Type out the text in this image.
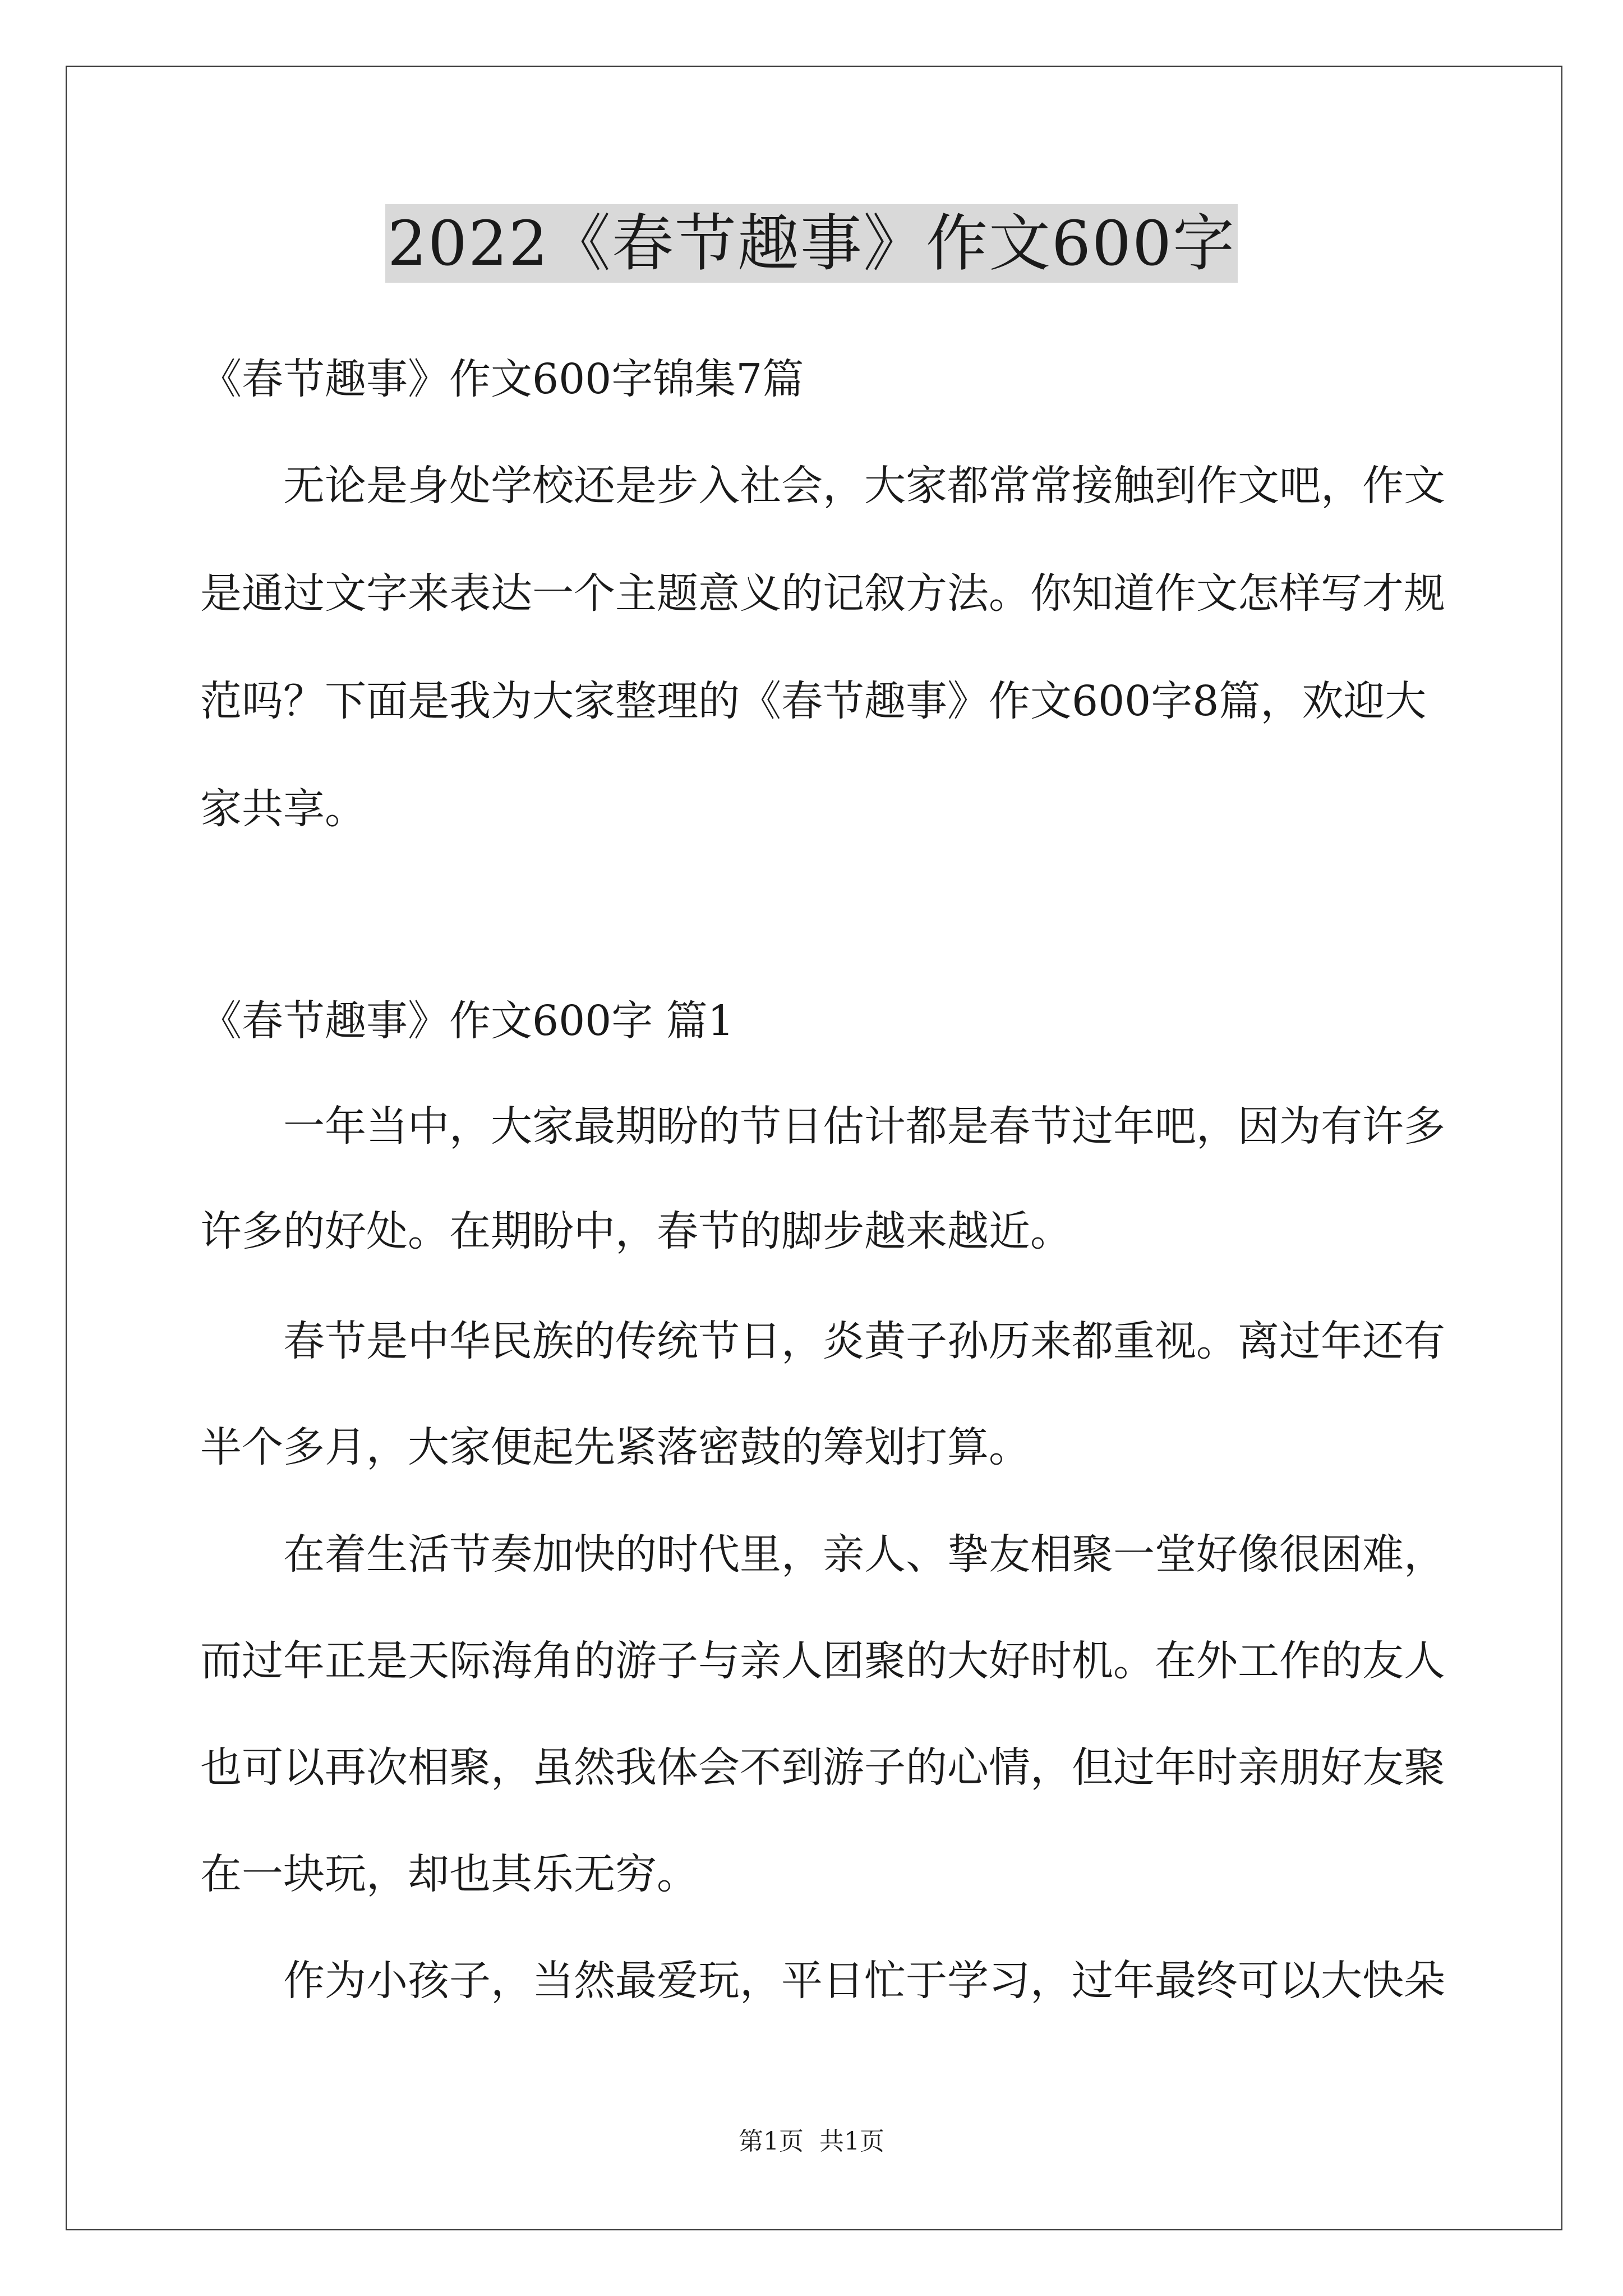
2022《春节趣事》作文600字
《春节趣事》作文600字锦集7篇
无论是身处学校还是步入社会，大家都常常接触到作文吧，作文
是通过文字来表达一个主题意义的记叙方法。你知道作文怎样写才规
范吗？下面是我为大家整理的《春节趣事》作文600字8篇，欢迎大
家共享。
《春节趣事》作文600字 篇1
一年当中，大家最期盼的节日估计都是春节过年吧，因为有许多
许多的好处。在期盼中，春节的脚步越来越近。
春节是中华民族的传统节日，炎黄子孙历来都重视。离过年还有
半个多月，大家便起先紧落密鼓的筹划打算。
在着生活节奏加快的时代里，亲人、挚友相聚一堂好像很困难，
而过年正是天际海角的游子与亲人团聚的大好时机。在外工作的友人
也可以再次相聚，虽然我体会不到游子的心情，但过年时亲朋好友聚
在一块玩，却也其乐无穷。
作为小孩子，当然最爱玩，平日忙于学习，过年最终可以大快朵
第1页 共1页
